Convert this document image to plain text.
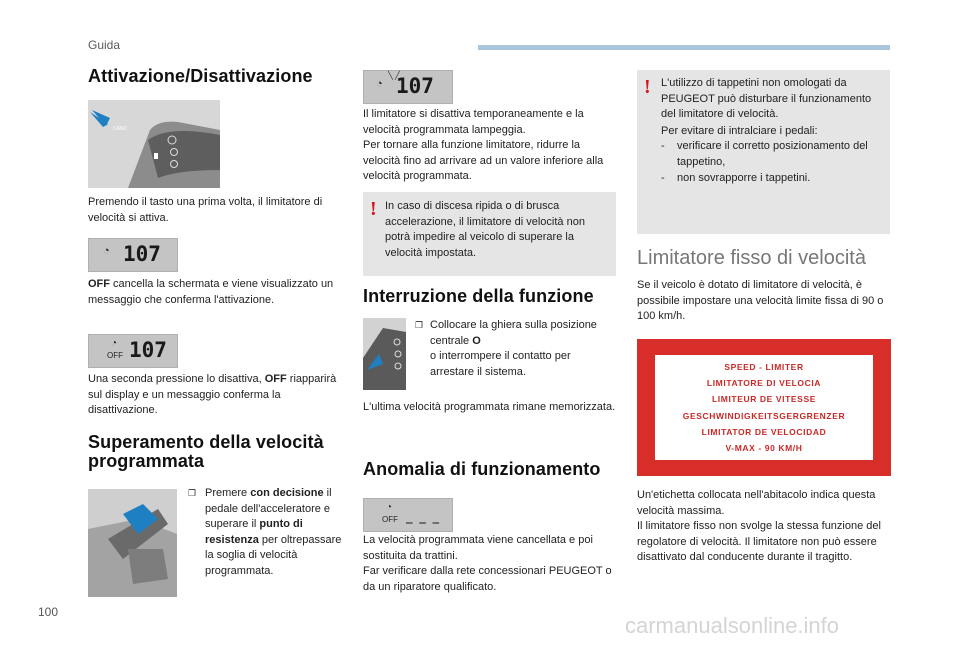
Guida
Attivazione/Disattivazione
CANC
Premendo il tasto una prima volta, il limitatore di velocità si attiva.
◔ 107
OFF cancella la schermata e viene visualizzato un messaggio che conferma l'attivazione.
◔
OFF 107
Una seconda pressione lo disattiva, OFF riapparirà sul display e un messaggio conferma la disattivazione.
Superamento della velocità programmata
❐ Premere con decisione il pedale dell'acceleratore e superare il punto di resistenza per oltrepassare la soglia di velocità programmata.
◔ 107
╲ ╱
Il limitatore si disattiva temporaneamente e la velocità programmata lampeggia.
Per tornare alla funzione limitatore, ridurre la velocità fino ad arrivare ad un valore inferiore alla velocità programmata.
! In caso di discesa ripida o di brusca accelerazione, il limitatore di velocità non potrà impedire al veicolo di superare la velocità impostata.
Interruzione della funzione
❐ Collocare la ghiera sulla posizione centrale O
o interrompere il contatto per arrestare il sistema.
L'ultima velocità programmata rimane memorizzata.
Anomalia di funzionamento
◔
OFF _ _ _
La velocità programmata viene cancellata e poi sostituita da trattini.
Far verificare dalla rete concessionari PEUGEOT o da un riparatore qualificato.
! L'utilizzo di tappetini non omologati da PEUGEOT può disturbare il funzionamento del limitatore di velocità.
Per evitare di intralciare i pedali:
- verificare il corretto posizionamento del tappetino,
- non sovrapporre i tappetini.
Limitatore fisso di velocità
Se il veicolo è dotato di limitatore di velocità, è possibile impostare una velocità limite fissa di 90 o 100 km/h.
SPEED - LIMITER
LIMITATORE DI VELOCIA
LIMITEUR DE VITESSE
GESCHWINDIGKEITSGERGRENZER
LIMITATOR DE VELOCIDAD
V-MAX - 90 KM/H
Un'etichetta collocata nell'abitacolo indica questa velocità massima.
Il limitatore fisso non svolge la stessa funzione del regolatore di velocità. Il limitatore non può essere disattivato dal conducente durante il tragitto.
100
carmanualsonline.info
